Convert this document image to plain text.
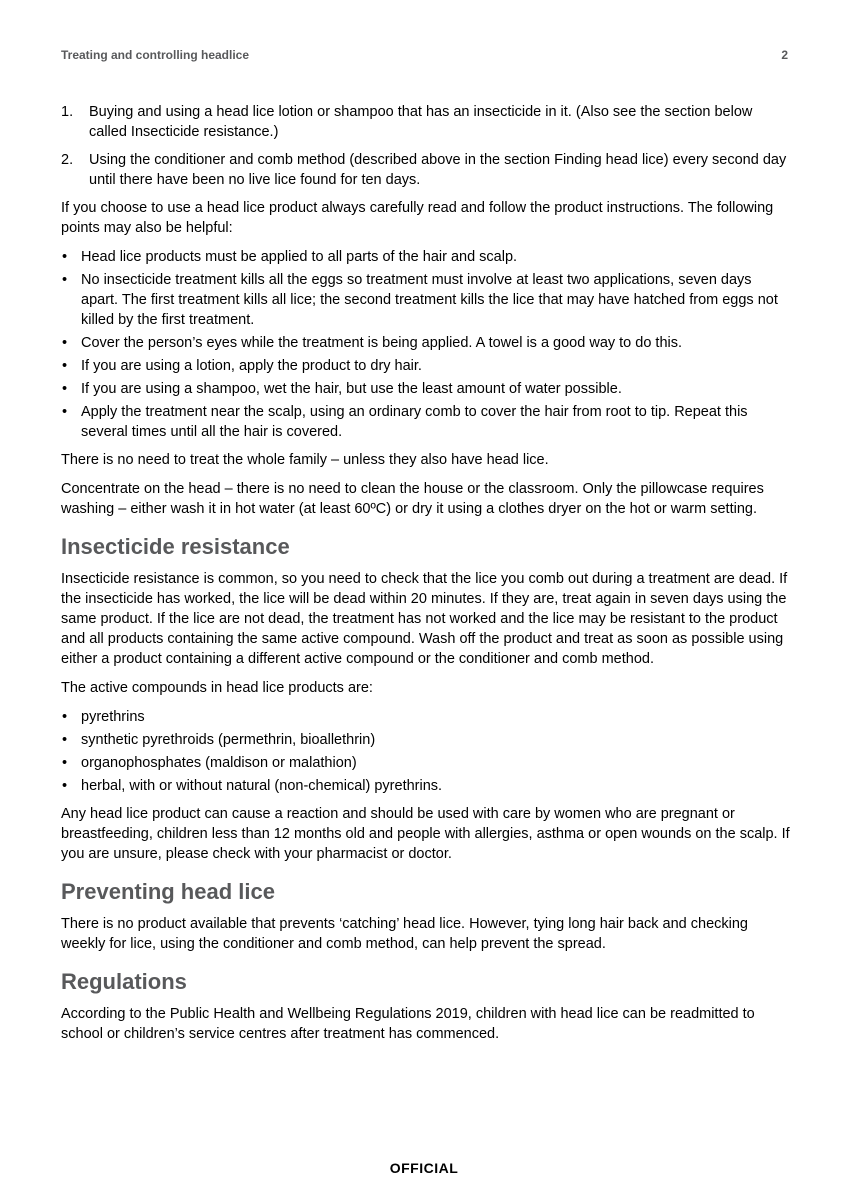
Treating and controlling headlice	2
1. Buying and using a head lice lotion or shampoo that has an insecticide in it. (Also see the section below called Insecticide resistance.)
2. Using the conditioner and comb method (described above in the section Finding head lice) every second day until there have been no live lice found for ten days.

If you choose to use a head lice product always carefully read and follow the product instructions. The following points may also be helpful:

• Head lice products must be applied to all parts of the hair and scalp.
• No insecticide treatment kills all the eggs so treatment must involve at least two applications, seven days apart. The first treatment kills all lice; the second treatment kills the lice that may have hatched from eggs not killed by the first treatment.
• Cover the person’s eyes while the treatment is being applied. A towel is a good way to do this.
• If you are using a lotion, apply the product to dry hair.
• If you are using a shampoo, wet the hair, but use the least amount of water possible.
• Apply the treatment near the scalp, using an ordinary comb to cover the hair from root to tip. Repeat this several times until all the hair is covered.

There is no need to treat the whole family – unless they also have head lice.

Concentrate on the head – there is no need to clean the house or the classroom. Only the pillowcase requires washing – either wash it in hot water (at least 60ºC) or dry it using a clothes dryer on the hot or warm setting.

Insecticide resistance

Insecticide resistance is common, so you need to check that the lice you comb out during a treatment are dead. If the insecticide has worked, the lice will be dead within 20 minutes. If they are, treat again in seven days using the same product. If the lice are not dead, the treatment has not worked and the lice may be resistant to the product and all products containing the same active compound. Wash off the product and treat as soon as possible using either a product containing a different active compound or the conditioner and comb method.

The active compounds in head lice products are:

• pyrethrins
• synthetic pyrethroids (permethrin, bioallethrin)
• organophosphates (maldison or malathion)
• herbal, with or without natural (non-chemical) pyrethrins.

Any head lice product can cause a reaction and should be used with care by women who are pregnant or breastfeeding, children less than 12 months old and people with allergies, asthma or open wounds on the scalp. If you are unsure, please check with your pharmacist or doctor.

Preventing head lice

There is no product available that prevents ‘catching’ head lice. However, tying long hair back and checking weekly for lice, using the conditioner and comb method, can help prevent the spread.

Regulations

According to the Public Health and Wellbeing Regulations 2019, children with head lice can be readmitted to school or children’s service centres after treatment has commenced.

OFFICIAL
